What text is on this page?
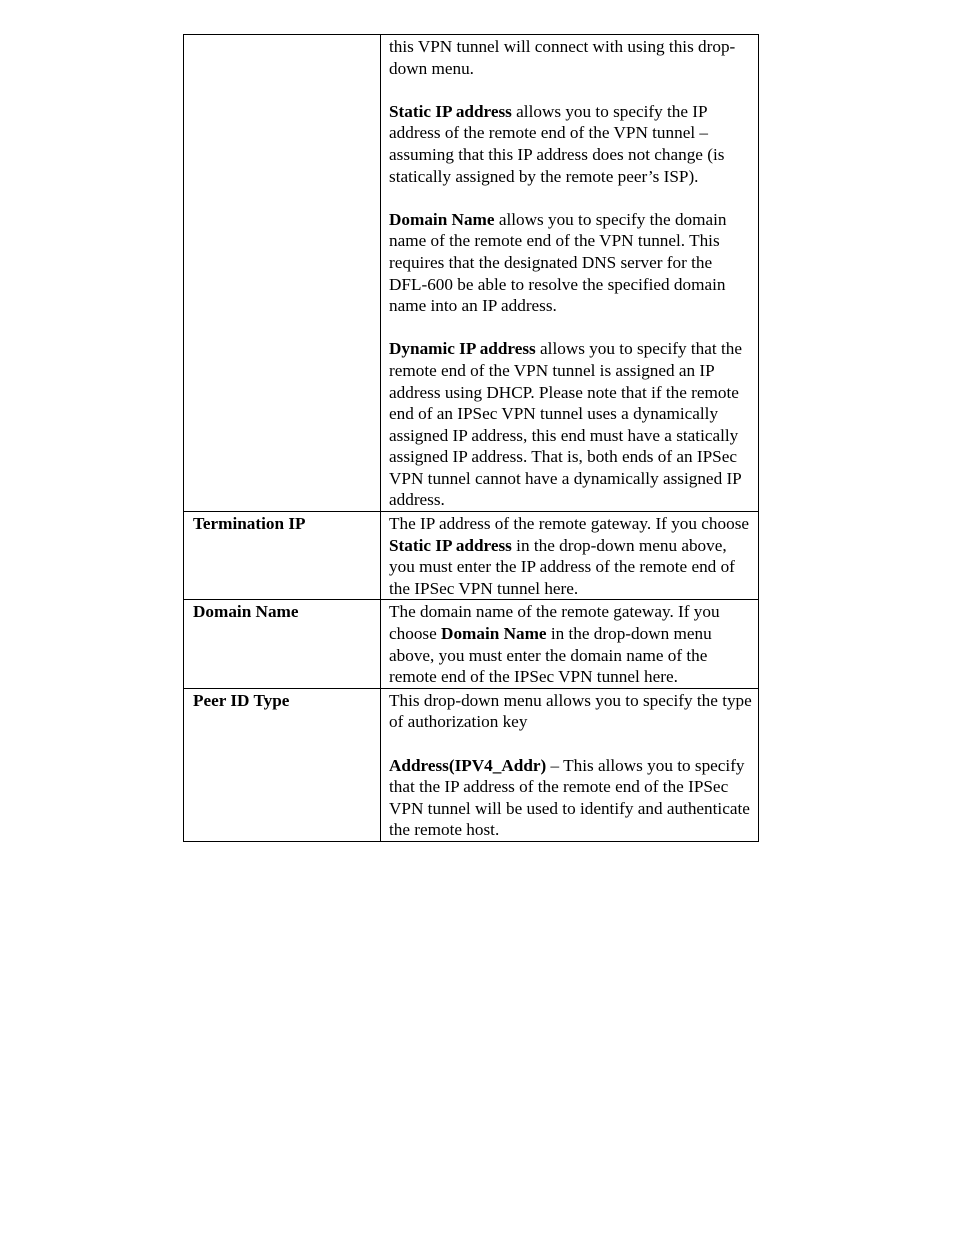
	this VPN tunnel will connect with using this drop-down menu.

Static IP address allows you to specify the IP address of the remote end of the VPN tunnel – assuming that this IP address does not change (is statically assigned by the remote peer’s ISP).

Domain Name allows you to specify the domain name of the remote end of the VPN tunnel. This requires that the designated DNS server for the DFL-600 be able to resolve the specified domain name into an IP address.

Dynamic IP address allows you to specify that the remote end of the VPN tunnel is assigned an IP address using DHCP. Please note that if the remote end of an IPSec VPN tunnel uses a dynamically assigned IP address, this end must have a statically assigned IP address. That is, both ends of an IPSec VPN tunnel cannot have a dynamically assigned IP address.

Termination IP	The IP address of the remote gateway. If you choose Static IP address in the drop-down menu above, you must enter the IP address of the remote end of the IPSec VPN tunnel here.

Domain Name	The domain name of the remote gateway. If you choose Domain Name in the drop-down menu above, you must enter the domain name of the remote end of the IPSec VPN tunnel here.

Peer ID Type	This drop-down menu allows you to specify the type of authorization key

Address(IPV4_Addr) – This allows you to specify that the IP address of the remote end of the IPSec VPN tunnel will be used to identify and authenticate the remote host.
